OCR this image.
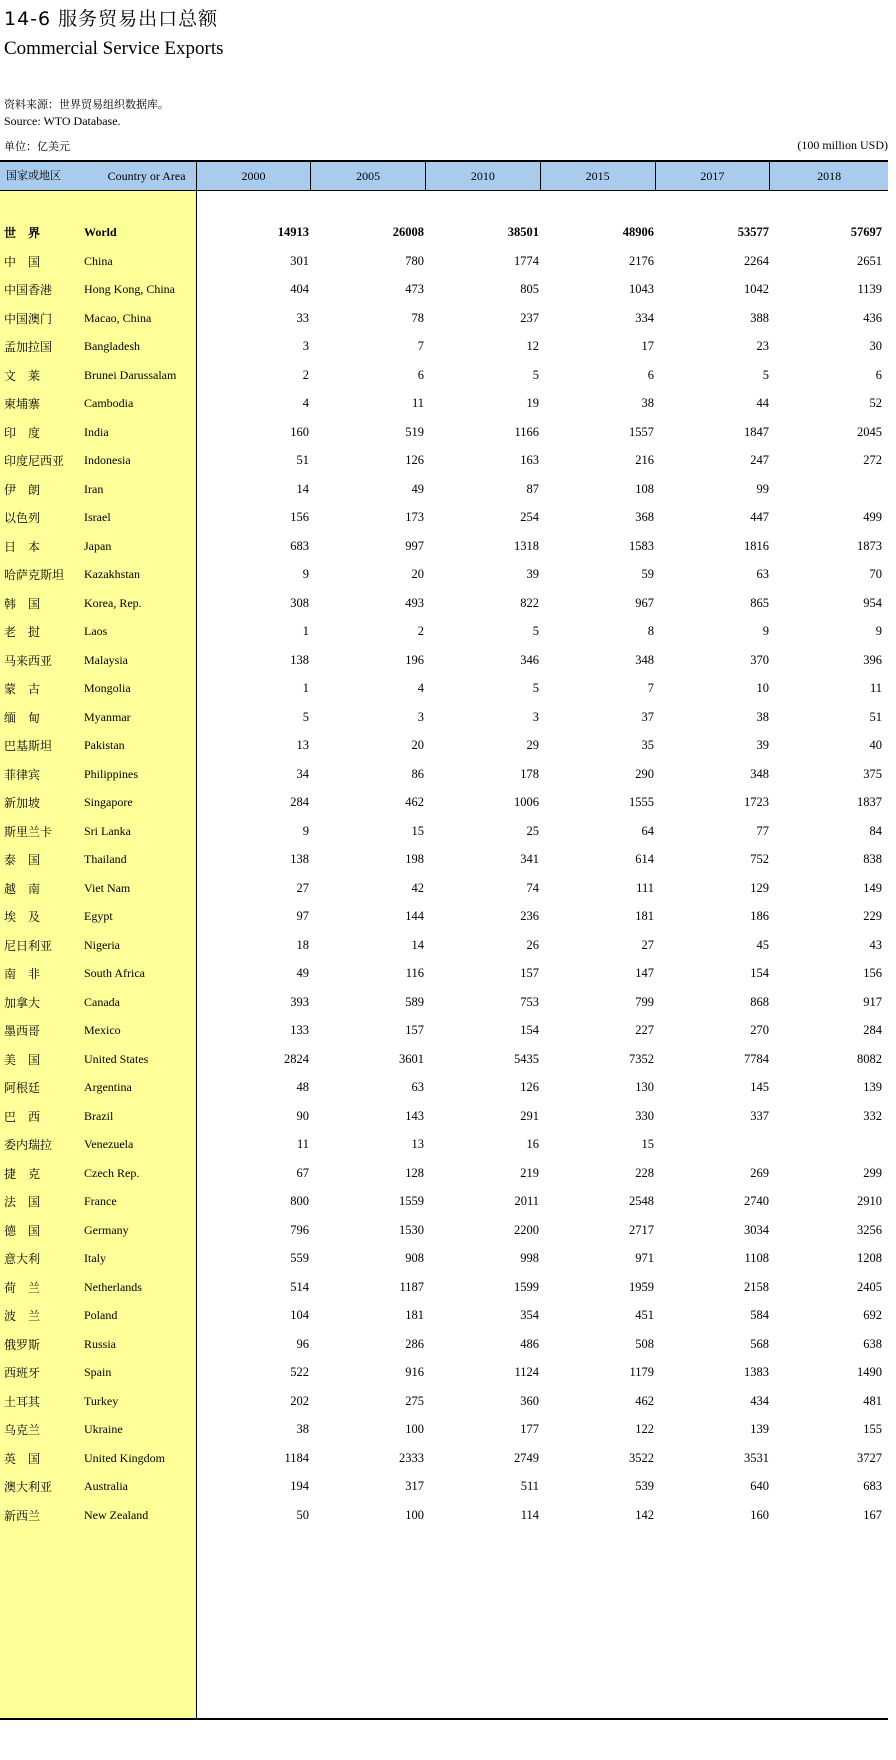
14-6 服务贸易出口总额
Commercial Service Exports
资料来源：世界贸易组织数据库。
Source: WTO Database.
单位：亿美元	(100 million USD)
国家或地区	Country or Area	2000	2005	2010	2015	2017	2018
世　界	World	14913	26008	38501	48906	53577	57697
中　国	China	301	780	1774	2176	2264	2651
中国香港	Hong Kong, China	404	473	805	1043	1042	1139
中国澳门	Macao, China	33	78	237	334	388	436
孟加拉国	Bangladesh	3	7	12	17	23	30
文　莱	Brunei Darussalam	2	6	5	6	5	6
柬埔寨	Cambodia	4	11	19	38	44	52
印　度	India	160	519	1166	1557	1847	2045
印度尼西亚 Indonesia	51	126	163	216	247	272
伊　朗	Iran	14	49	87	108	99
以色列	Israel	156	173	254	368	447	499
日　本	Japan	683	997	1318	1583	1816	1873
哈萨克斯坦 Kazakhstan	9	20	39	59	63	70
韩　国	Korea, Rep.	308	493	822	967	865	954
老　挝	Laos	1	2	5	8	9	9
马来西亚	Malaysia	138	196	346	348	370	396
蒙　古	Mongolia	1	4	5	7	10	11
缅　甸	Myanmar	5	3	3	37	38	51
巴基斯坦	Pakistan	13	20	29	35	39	40
菲律宾	Philippines	34	86	178	290	348	375
新加坡	Singapore	284	462	1006	1555	1723	1837
斯里兰卡	Sri Lanka	9	15	25	64	77	84
泰　国	Thailand	138	198	341	614	752	838
越　南	Viet Nam	27	42	74	111	129	149
埃　及	Egypt	97	144	236	181	186	229
尼日利亚	Nigeria	18	14	26	27	45	43
南　非	South Africa	49	116	157	147	154	156
加拿大	Canada	393	589	753	799	868	917
墨西哥	Mexico	133	157	154	227	270	284
美　国	United States	2824	3601	5435	7352	7784	8082
阿根廷	Argentina	48	63	126	130	145	139
巴　西	Brazil	90	143	291	330	337	332
委内瑞拉	Venezuela	11	13	16	15
捷　克	Czech Rep.	67	128	219	228	269	299
法　国	France	800	1559	2011	2548	2740	2910
德　国	Germany	796	1530	2200	2717	3034	3256
意大利	Italy	559	908	998	971	1108	1208
荷　兰	Netherlands	514	1187	1599	1959	2158	2405
波　兰	Poland	104	181	354	451	584	692
俄罗斯	Russia	96	286	486	508	568	638
西班牙	Spain	522	916	1124	1179	1383	1490
土耳其	Turkey	202	275	360	462	434	481
乌克兰	Ukraine	38	100	177	122	139	155
英　国	United Kingdom	1184	2333	2749	3522	3531	3727
澳大利亚	Australia	194	317	511	539	640	683
新西兰	New Zealand	50	100	114	142	160	167
